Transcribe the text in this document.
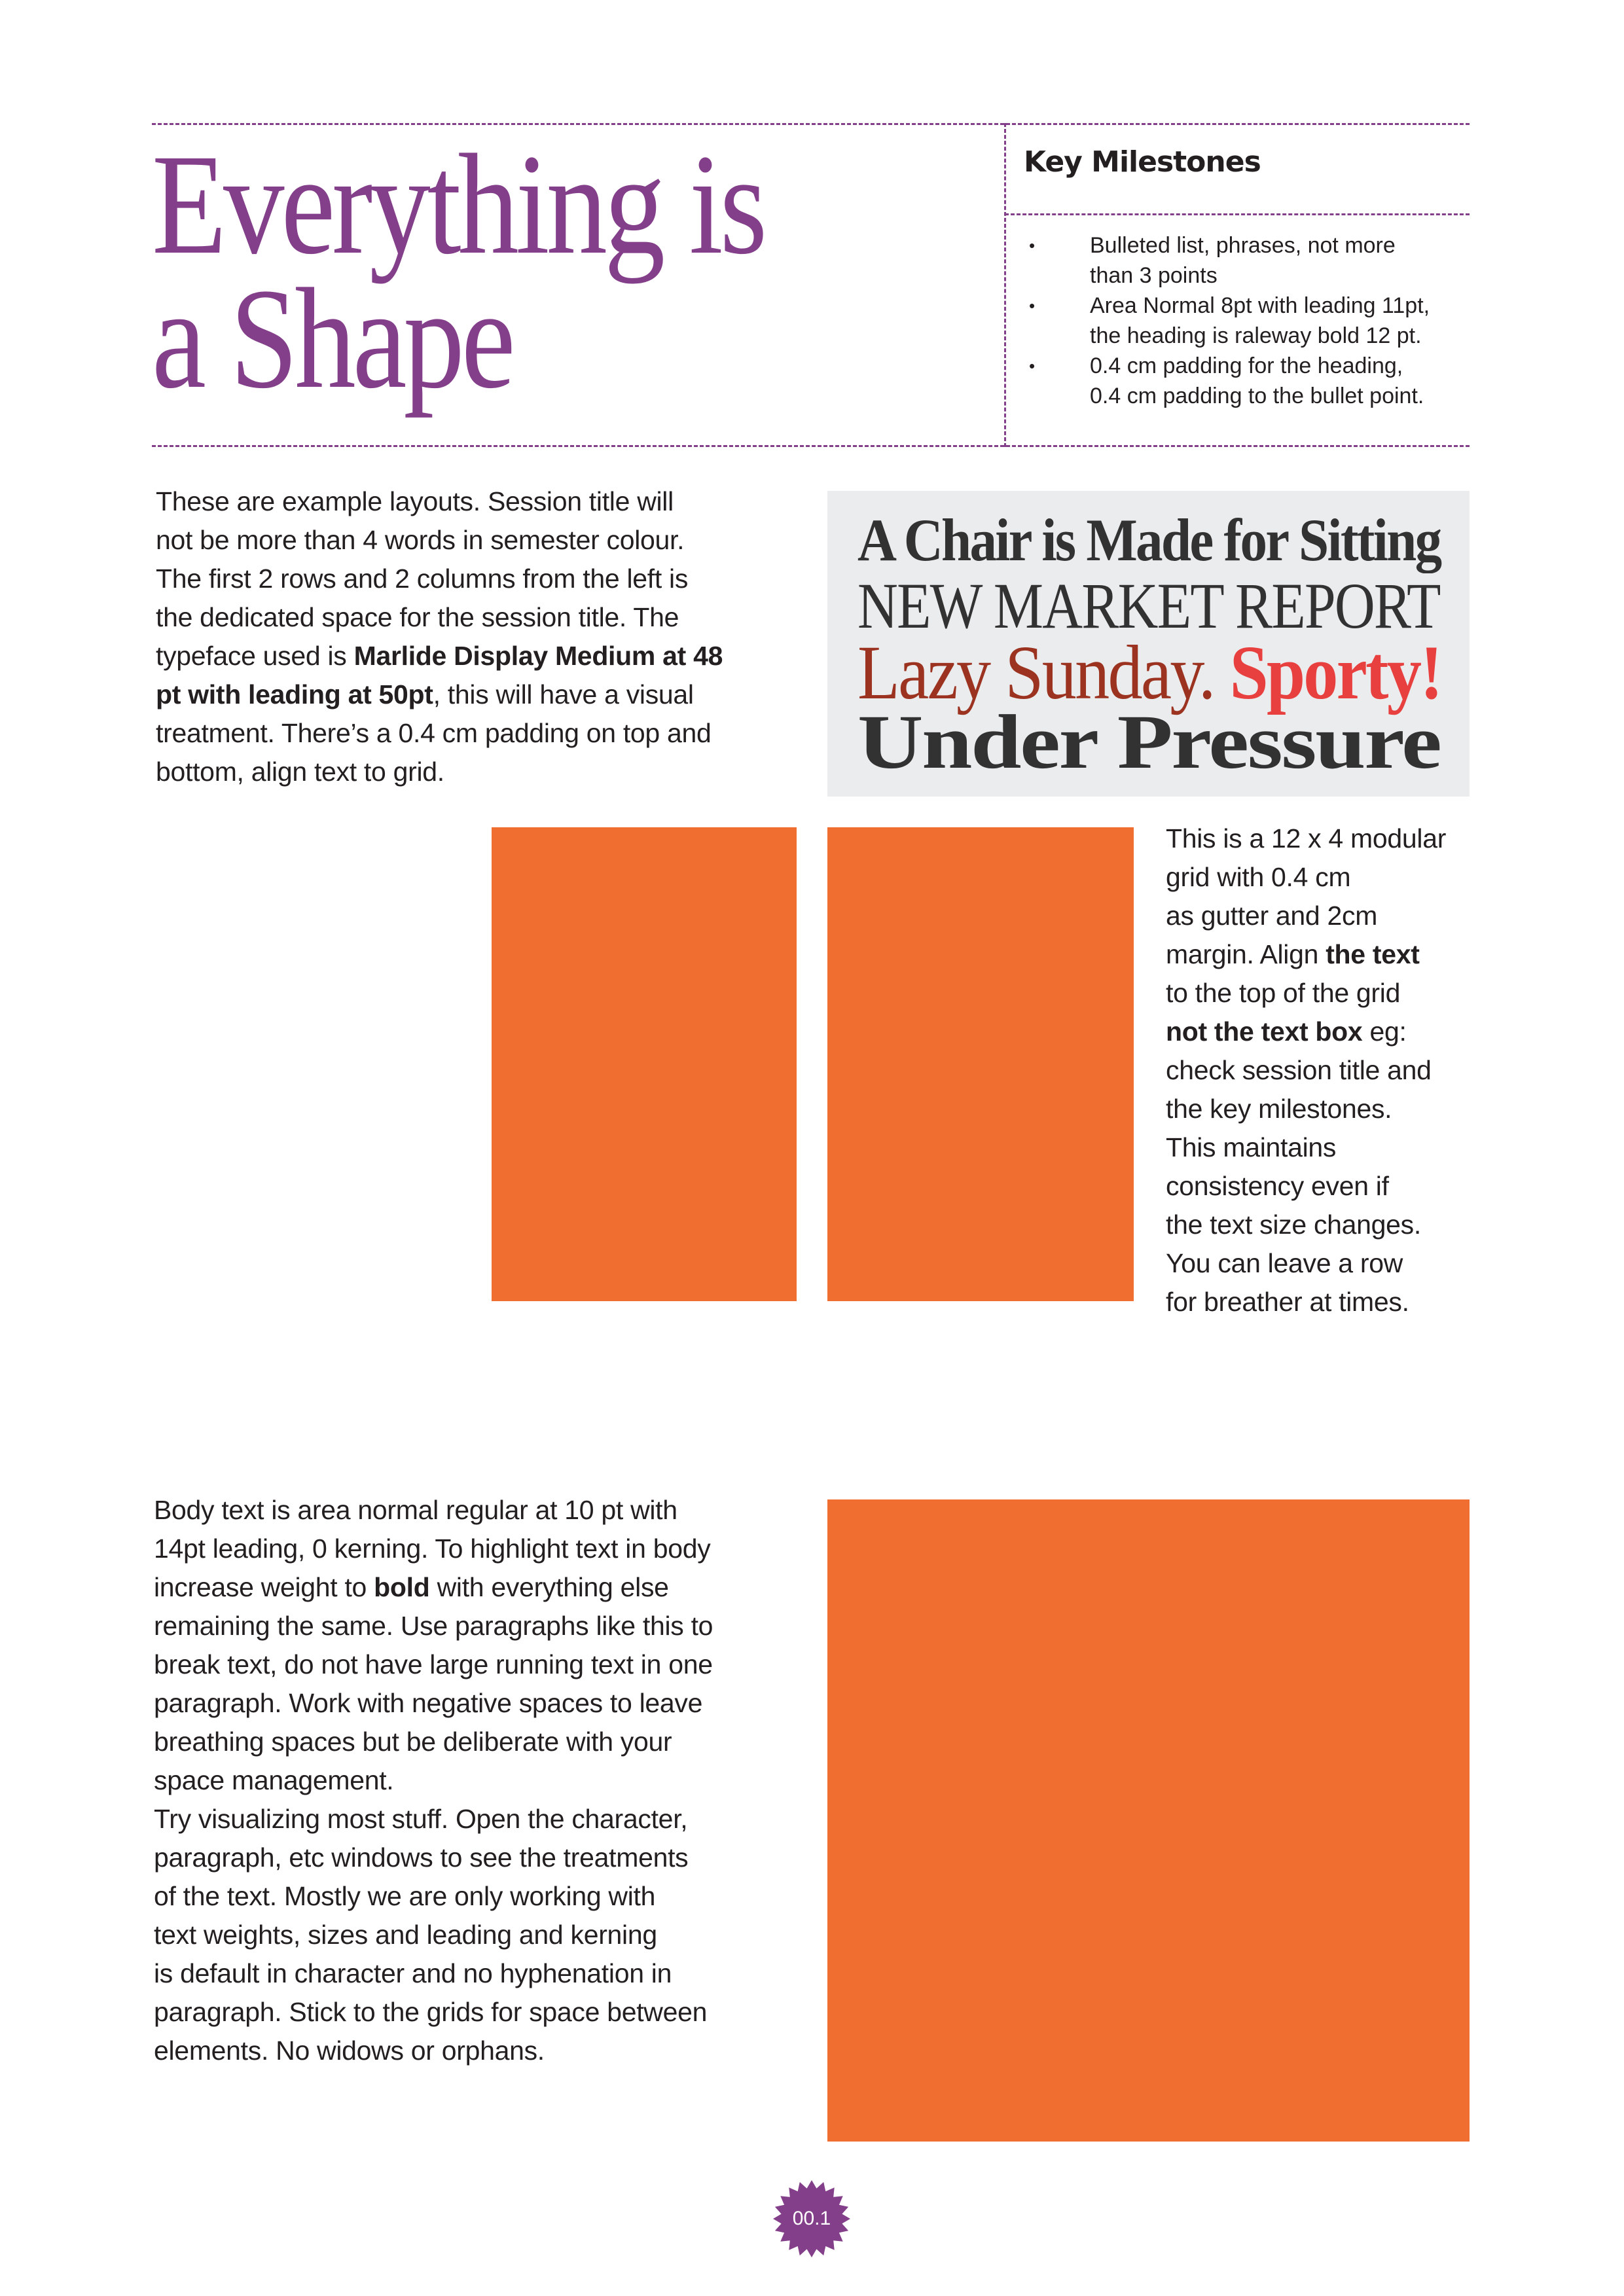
Everything is
a Shape
Key Milestones
• Bulleted list, phrases, not more
than 3 points
• Area Normal 8pt with leading 11pt,
the heading is raleway bold 12 pt.
• 0.4 cm padding for the heading,
0.4 cm padding to the bullet point.
These are example layouts. Session title will
not be more than 4 words in semester colour.
The first 2 rows and 2 columns from the left is
the dedicated space for the session title. The
typeface used is Marlide Display Medium at 48
pt with leading at 50pt, this will have a visual
treatment. There’s a 0.4 cm padding on top and
bottom, align text to grid.
A Chair is Made for Sitting
NEW MARKET REPORT
Lazy Sunday. Sporty!
Under Pressure
This is a 12 x 4 modular
grid with 0.4 cm
as gutter and 2cm
margin. Align the text
to the top of the grid
not the text box eg:
check session title and
the key milestones.
This maintains
consistency even if
the text size changes.
You can leave a row
for breather at times.
Body text is area normal regular at 10 pt with
14pt leading, 0 kerning. To highlight text in body
increase weight to bold with everything else
remaining the same. Use paragraphs like this to
break text, do not have large running text in one
paragraph. Work with negative spaces to leave
breathing spaces but be deliberate with your
space management.
Try visualizing most stuff. Open the character,
paragraph, etc windows to see the treatments
of the text. Mostly we are only working with
text weights, sizes and leading and kerning
is default in character and no hyphenation in
paragraph. Stick to the grids for space between
elements. No widows or orphans.
00.1
